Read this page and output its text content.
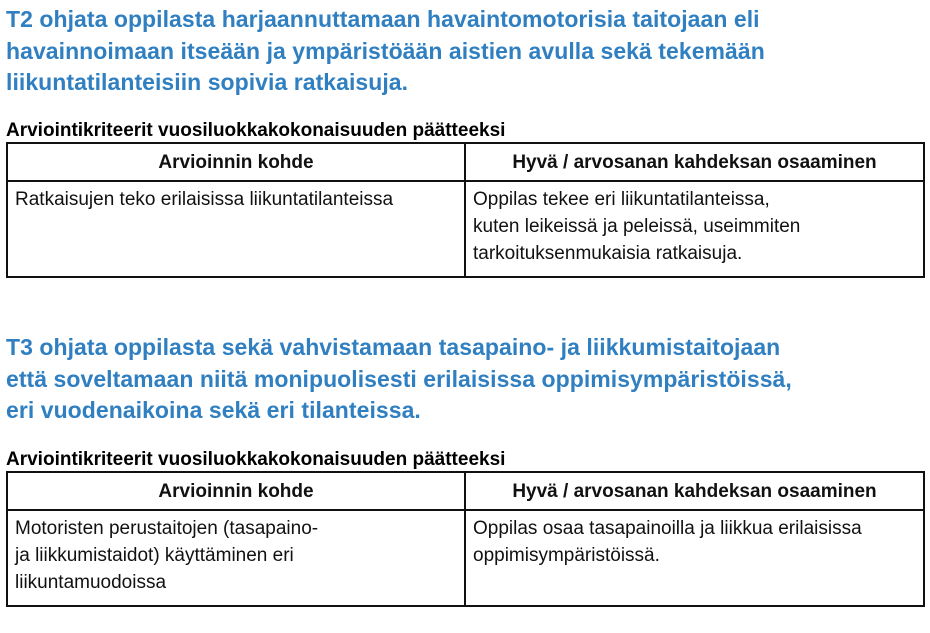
T2 ohjata oppilasta harjaannuttamaan havaintomotorisia taitojaan eli
havainnoimaan itseään ja ympäristöään aistien avulla sekä tekemään
liikuntatilanteisiin sopivia ratkaisuja.

Arviointikriteerit vuosiluokkakokonaisuuden päätteeksi

Arvioinnin kohde	Hyvä / arvosanan kahdeksan osaaminen

Ratkaisujen teko erilaisissa liikuntatilanteissa	Oppilas tekee eri liikuntatilanteissa,
kuten leikeissä ja peleissä, useimmiten
tarkoituksenmukaisia ratkaisuja.
T3 ohjata oppilasta sekä vahvistamaan tasapaino- ja liikkumistaitojaan
että soveltamaan niitä monipuolisesti erilaisissa oppimisympäristöissä,
eri vuodenaikoina sekä eri tilanteissa.

Arviointikriteerit vuosiluokkakokonaisuuden päätteeksi

Arvioinnin kohde	Hyvä / arvosanan kahdeksan osaaminen

Motoristen perustaitojen (tasapaino-
ja liikkumistaidot) käyttäminen eri
liikuntamuodoissa	Oppilas osaa tasapainoilla ja liikkua erilaisissa
oppimisympäristöissä.
